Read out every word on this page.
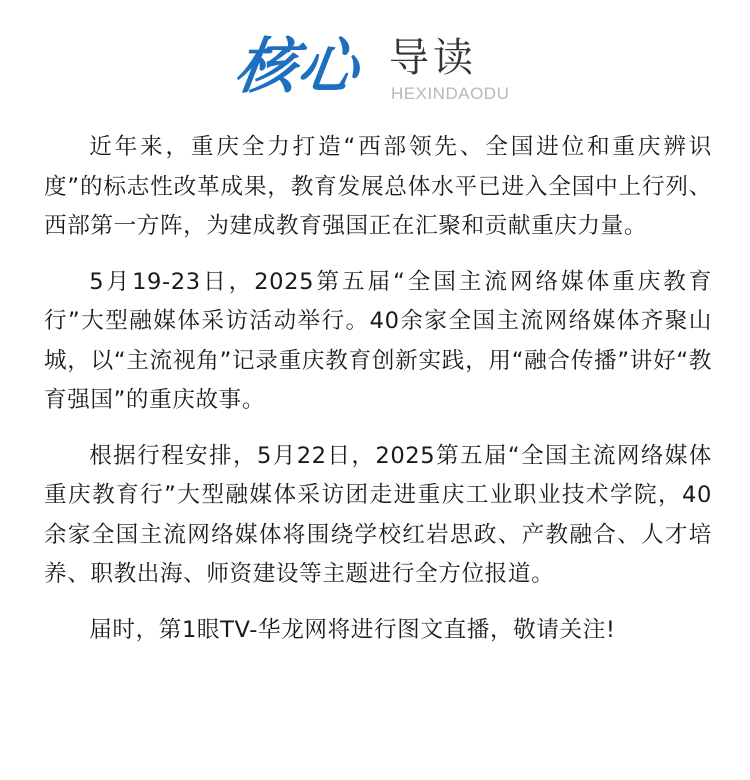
核心 导读
HEXINDAODU

近年来，重庆全力打造“西部领先、全国进位和重庆辨识度”的标志性改革成果，教育发展总体水平已进入全国中上行列、西部第一方阵，为建成教育强国正在汇聚和贡献重庆力量。

5月19-23日，2025第五届“全国主流网络媒体重庆教育行”大型融媒体采访活动举行。40余家全国主流网络媒体齐聚山城，以“主流视角”记录重庆教育创新实践，用“融合传播”讲好“教育强国”的重庆故事。

根据行程安排，5月22日，2025第五届“全国主流网络媒体重庆教育行”大型融媒体采访团走进重庆工业职业技术学院，40余家全国主流网络媒体将围绕学校红岩思政、产教融合、人才培养、职教出海、师资建设等主题进行全方位报道。

届时，第1眼TV-华龙网将进行图文直播，敬请关注!
